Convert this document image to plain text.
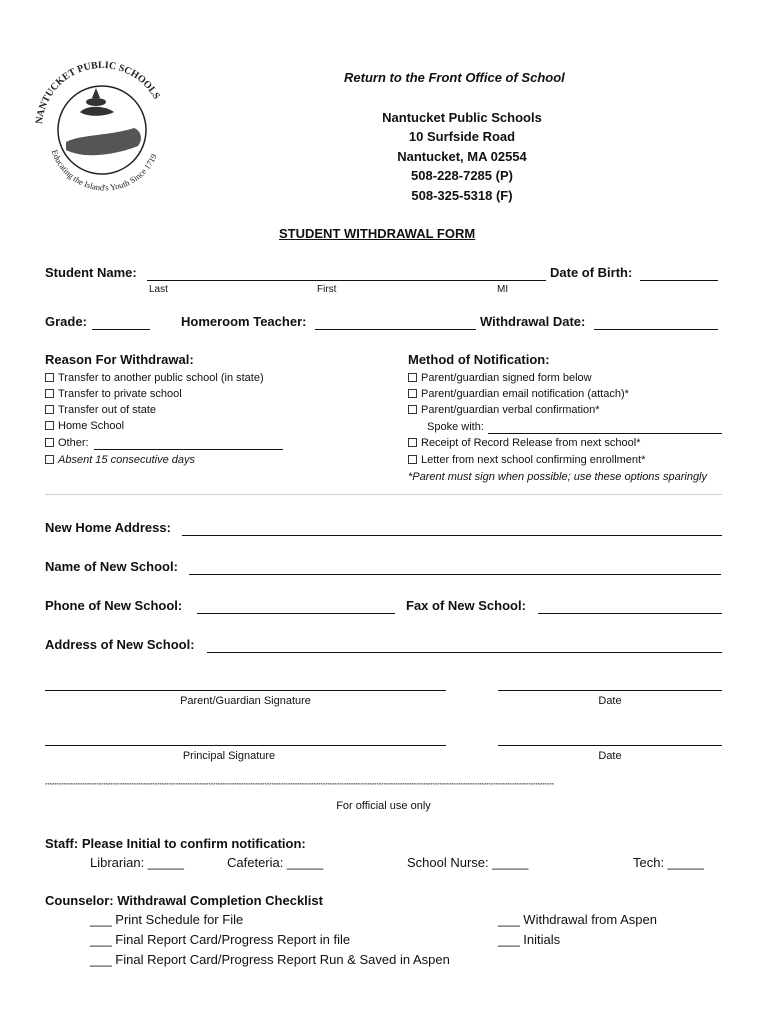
NANTUCKET PUBLIC SCHOOLS
Educating the Island's Youth Since 1719
Return to the Front Office of School
Nantucket Public Schools
10 Surfside Road
Nantucket, MA 02554
508-228-7285 (P)
508-325-5318 (F)
STUDENT WITHDRAWAL FORM
Student Name:	Date of Birth:
Last	First	MI
Grade:	Homeroom Teacher:	Withdrawal Date:
Reason For Withdrawal:
Transfer to another public school (in state)
Transfer to private school
Transfer out of state
Home School
Other:
Absent 15 consecutive days
Method of Notification:
Parent/guardian signed form below
Parent/guardian email notification (attach)*
Parent/guardian verbal confirmation*
Spoke with:
Receipt of Record Release from next school*
Letter from next school confirming enrollment*
*Parent must sign when possible; use these options sparingly
New Home Address:
Name of New School:
Phone of New School:	Fax of New School:
Address of New School:
Parent/Guardian Signature	Date
Principal Signature	Date
**************************************************************************************************************************************************************************************************************************
For official use only
Staff: Please Initial to confirm notification:
Librarian: _____	Cafeteria: _____	School Nurse: _____	Tech: _____
Counselor: Withdrawal Completion Checklist
___ Print Schedule for File
___ Final Report Card/Progress Report in file
___ Final Report Card/Progress Report Run & Saved in Aspen
___ Withdrawal from Aspen
___ Initials
